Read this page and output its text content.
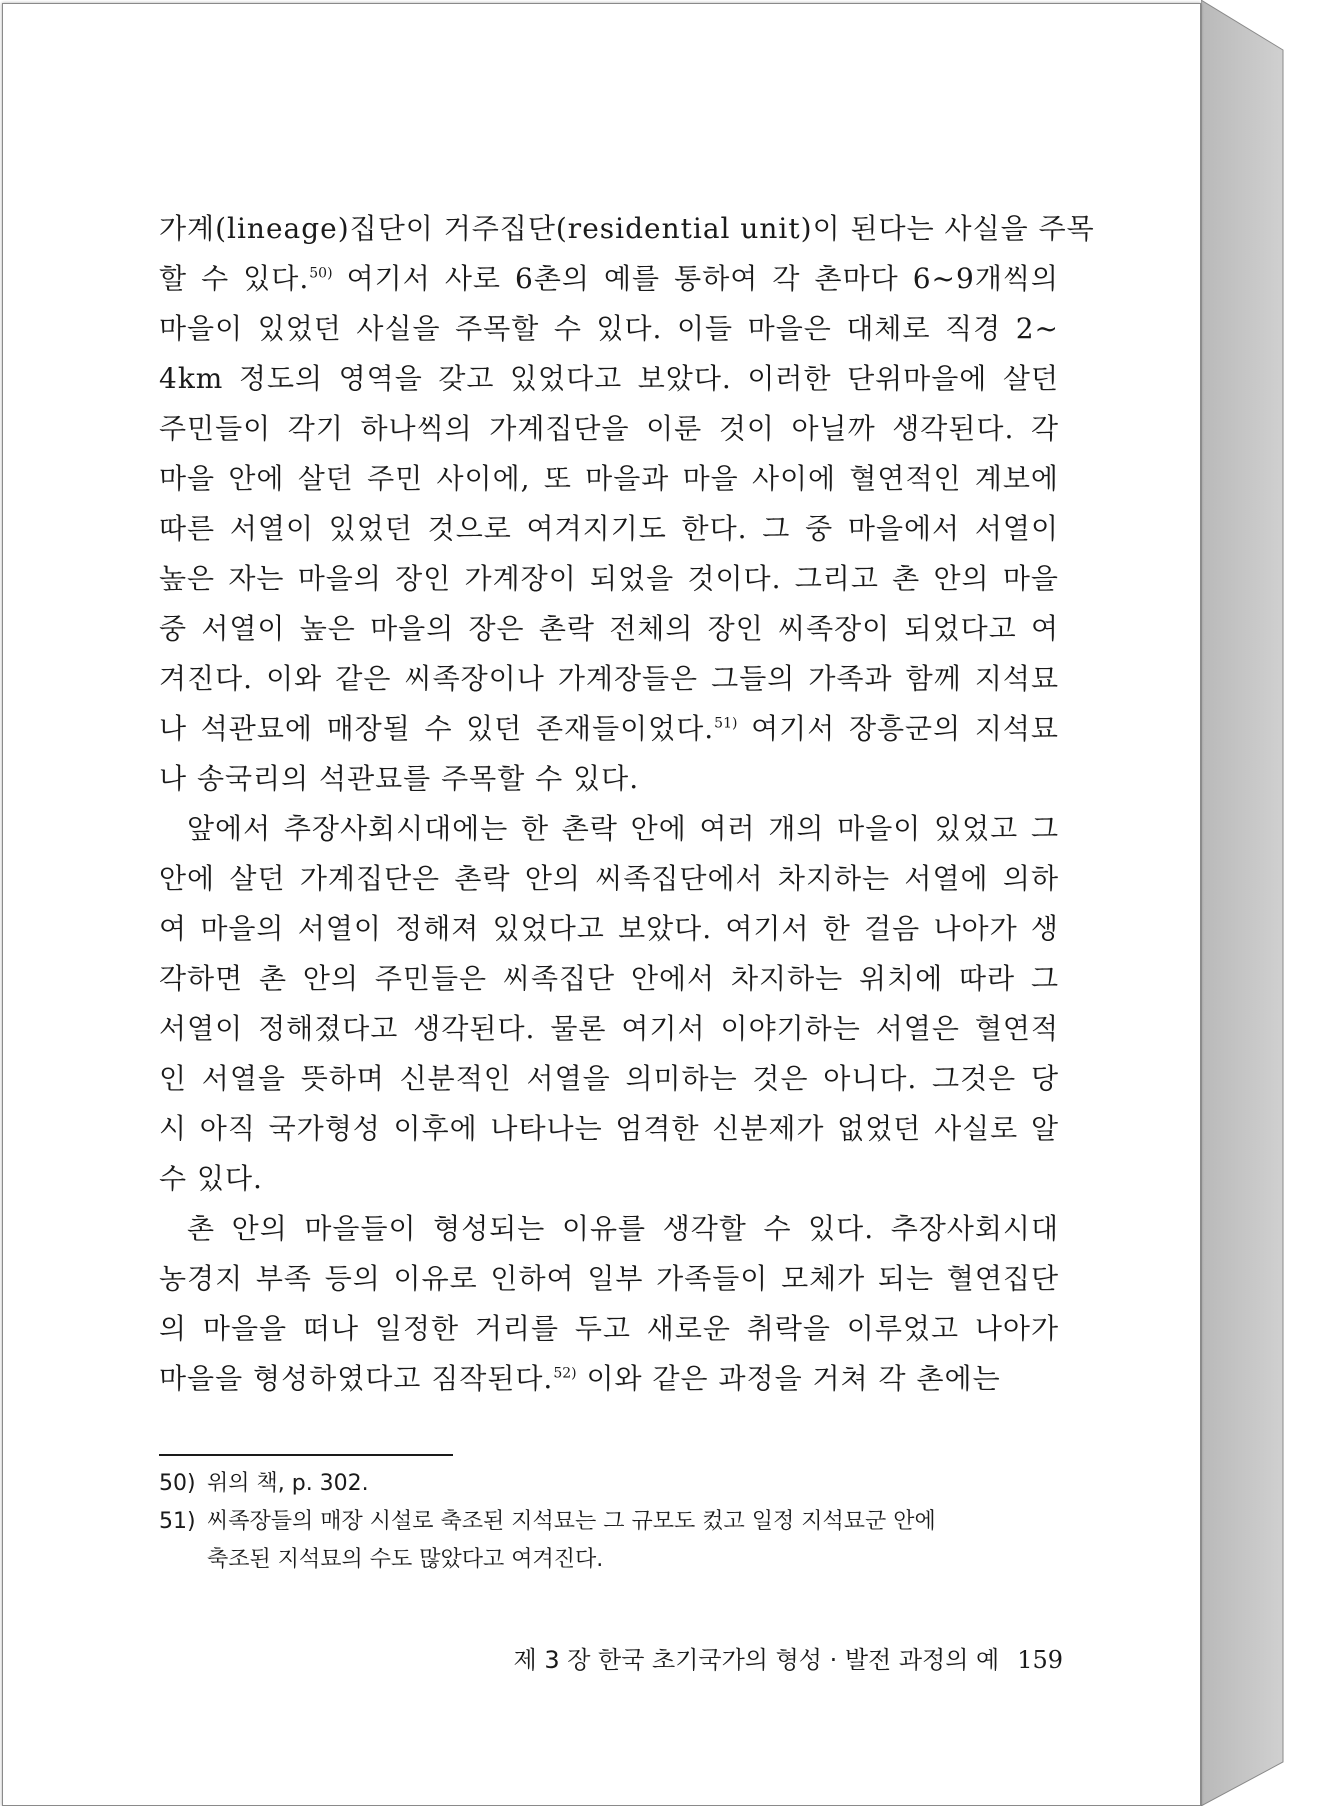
가계(lineage)집단이 거주집단(residential unit)이 된다는 사실을 주목
할 수 있다.$^{50)}$ 여기서 사로 6촌의 예를 통하여 각 촌마다 6~9개씩의
마을이 있었던 사실을 주목할 수 있다. 이들 마을은 대체로 직경 2~
4km 정도의 영역을 갖고 있었다고 보았다. 이러한 단위마을에 살던
주민들이 각기 하나씩의 가계집단을 이룬 것이 아닐까 생각된다. 각
마을 안에 살던 주민 사이에, 또 마을과 마을 사이에 혈연적인 계보에
따른 서열이 있었던 것으로 여겨지기도 한다. 그 중 마을에서 서열이
높은 자는 마을의 장인 가계장이 되었을 것이다. 그리고 촌 안의 마을
중 서열이 높은 마을의 장은 촌락 전체의 장인 씨족장이 되었다고 여
겨진다. 이와 같은 씨족장이나 가계장들은 그들의 가족과 함께 지석묘
나 석관묘에 매장될 수 있던 존재들이었다.$^{51)}$ 여기서 장흥군의 지석묘
나 송국리의 석관묘를 주목할 수 있다.
앞에서 추장사회시대에는 한 촌락 안에 여러 개의 마을이 있었고 그
안에 살던 가계집단은 촌락 안의 씨족집단에서 차지하는 서열에 의하
여 마을의 서열이 정해져 있었다고 보았다. 여기서 한 걸음 나아가 생
각하면 촌 안의 주민들은 씨족집단 안에서 차지하는 위치에 따라 그
서열이 정해졌다고 생각된다. 물론 여기서 이야기하는 서열은 혈연적
인 서열을 뜻하며 신분적인 서열을 의미하는 것은 아니다. 그것은 당
시 아직 국가형성 이후에 나타나는 엄격한 신분제가 없었던 사실로 알
수 있다.
촌 안의 마을들이 형성되는 이유를 생각할 수 있다. 추장사회시대
농경지 부족 등의 이유로 인하여 일부 가족들이 모체가 되는 혈연집단
의 마을을 떠나 일정한 거리를 두고 새로운 취락을 이루었고 나아가
마을을 형성하였다고 짐작된다.$^{52)}$ 이와 같은 과정을 거쳐 각 촌에는
50) 위의 책, p. 302.
51) 씨족장들의 매장 시설로 축조된 지석묘는 그 규모도 컸고 일정 지석묘군 안에
축조된 지석묘의 수도 많았다고 여겨진다.
제 3 장 한국 초기국가의 형성 · 발전 과정의 예 159
